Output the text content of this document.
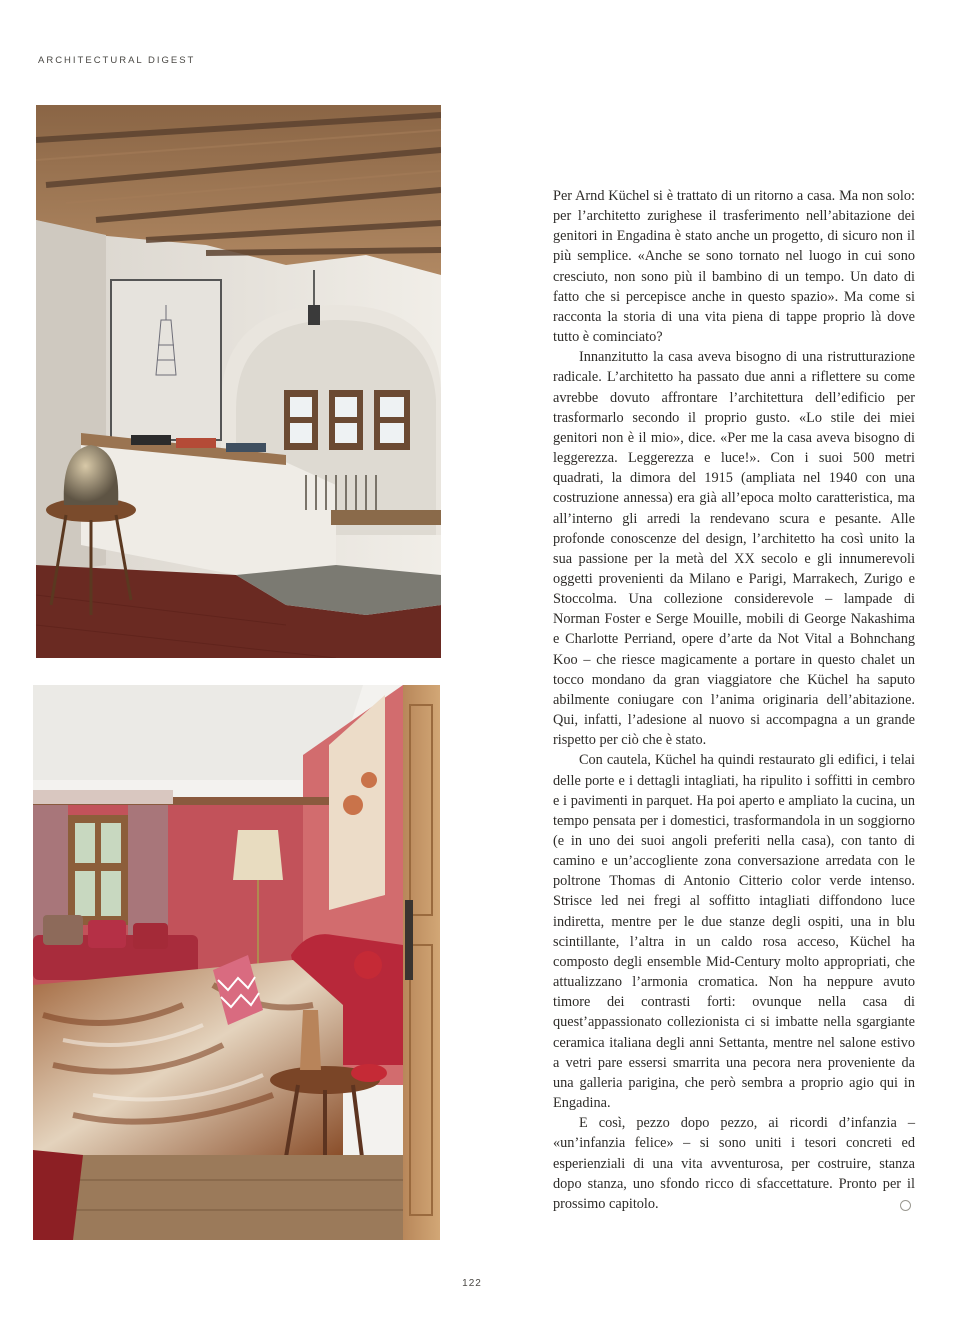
ARCHITECTURAL DIGEST

Per Arnd Küchel si è trattato di un ritorno a casa. Ma non solo: per l’architetto zurighese il trasferimento nell’abitazione dei genitori in Engadina è stato anche un progetto, di sicuro non il più semplice. «Anche se sono tornato nel luogo in cui sono cresciuto, non sono più il bambino di un tempo. Un dato di fatto che si percepisce anche in questo spazio». Ma come si racconta la storia di una vita piena di tappe proprio là dove tutto è cominciato?

Innanzitutto la casa aveva bisogno di una ristrutturazione radicale. L’architetto ha passato due anni a riflettere su come avrebbe dovuto affrontare l’architettura dell’edificio per trasformarlo secondo il proprio gusto. «Lo stile dei miei genitori non è il mio», dice. «Per me la casa aveva bisogno di leggerezza. Leggerezza e luce!». Con i suoi 500 metri quadrati, la dimora del 1915 (ampliata nel 1940 con una costruzione annessa) era già all’epoca molto caratteristica, ma all’interno gli arredi la rendevano scura e pesante. Alle profonde conoscenze del design, l’architetto ha così unito la sua passione per la metà del XX secolo e gli innumerevoli oggetti provenienti da Milano e Parigi, Marrakech, Zurigo e Stoccolma. Una collezione considerevole – lampade di Norman Foster e Serge Mouille, mobili di George Nakashima e Charlotte Perriand, opere d’arte da Not Vital a Bohnchang Koo – che riesce magicamente a portare in questo chalet un tocco mondano da gran viaggiatore che Küchel ha saputo abilmente coniugare con l’anima originaria dell’abitazione. Qui, infatti, l’adesione al nuovo si accompagna a un grande rispetto per ciò che è stato.

Con cautela, Küchel ha quindi restaurato gli edifici, i telai delle porte e i dettagli intagliati, ha ripulito i soffitti in cembro e i pavimenti in parquet. Ha poi aperto e ampliato la cucina, un tempo pensata per i domestici, trasformandola in un soggiorno (e in uno dei suoi angoli preferiti nella casa), con tanto di camino e un’accogliente zona conversazione arredata con le poltrone Thomas di Antonio Citterio color verde intenso. Strisce led nei fregi al soffitto intagliati diffondono luce indiretta, mentre per le due stanze degli ospiti, una in blu scintillante, l’altra in un caldo rosa acceso, Küchel ha composto degli ensemble Mid-Century molto appropriati, che attualizzano l’armonia cromatica. Non ha neppure avuto timore dei contrasti forti: ovunque nella casa di quest’appassionato collezionista ci si imbatte nella sgargiante ceramica italiana degli anni Settanta, mentre nel salone estivo a vetri pare essersi smarrita una pecora nera proveniente da una galleria parigina, che però sembra a proprio agio qui in Engadina.

E così, pezzo dopo pezzo, ai ricordi d’infanzia – «un’infanzia felice» – si sono uniti i tesori concreti ed esperienziali di una vita avventurosa, per costruire, stanza dopo stanza, uno sfondo ricco di sfaccettature. Pronto per il prossimo capitolo.

122
